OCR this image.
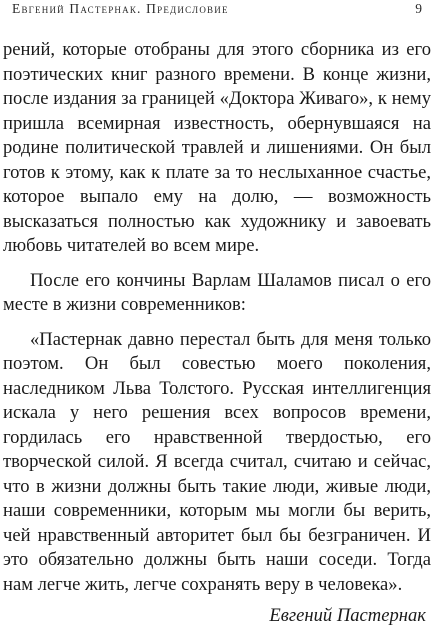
Евгений Пастернак. Предисловие	9

рений, которые отобраны для этого сборника из его поэтических книг разного времени. В конце жизни, после издания за границей «Доктора Живаго», к нему пришла всемирная известность, обернувшаяся на родине политической травлей и лишениями. Он был готов к этому, как к плате за то неслыханное счастье, которое выпало ему на долю, — возможность высказаться полностью как художнику и завоевать любовь читателей во всем мире.

После его кончины Варлам Шаламов писал о его месте в жизни современников:

«Пастернак давно перестал быть для меня только поэтом. Он был совестью моего поколения, наследником Льва Толстого. Русская интеллигенция искала у него решения всех вопросов времени, гордилась его нравственной твердостью, его творческой силой. Я всегда считал, считаю и сейчас, что в жизни должны быть такие люди, живые люди, наши современники, которым мы могли бы верить, чей нравственный авторитет был бы безграничен. И это обязательно должны быть наши соседи. Тогда нам легче жить, легче сохранять веру в человека».

Евгений Пастернак
